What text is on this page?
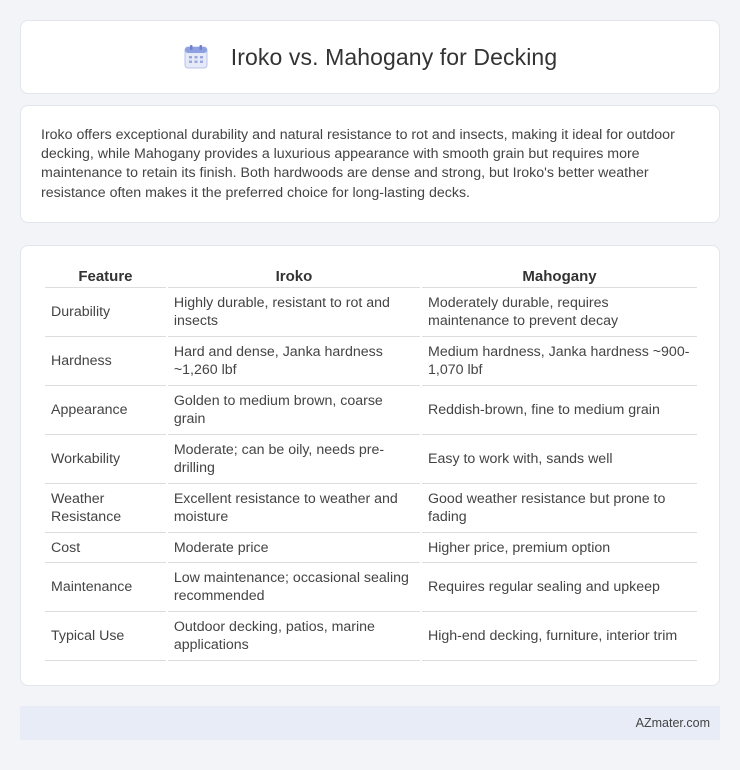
Iroko vs. Mahogany for Decking

Iroko offers exceptional durability and natural resistance to rot and insects, making it ideal for outdoor decking, while Mahogany provides a luxurious appearance with smooth grain but requires more maintenance to retain its finish. Both hardwoods are dense and strong, but Iroko's better weather resistance often makes it the preferred choice for long-lasting decks.

Feature	Iroko	Mahogany
Durability	Highly durable, resistant to rot and insects	Moderately durable, requires maintenance to prevent decay
Hardness	Hard and dense, Janka hardness ~1,260 lbf	Medium hardness, Janka hardness ~900-1,070 lbf
Appearance	Golden to medium brown, coarse grain	Reddish-brown, fine to medium grain
Workability	Moderate; can be oily, needs pre-drilling	Easy to work with, sands well
Weather Resistance	Excellent resistance to weather and moisture	Good weather resistance but prone to fading
Cost	Moderate price	Higher price, premium option
Maintenance	Low maintenance; occasional sealing recommended	Requires regular sealing and upkeep
Typical Use	Outdoor decking, patios, marine applications	High-end decking, furniture, interior trim
AZmater.com
